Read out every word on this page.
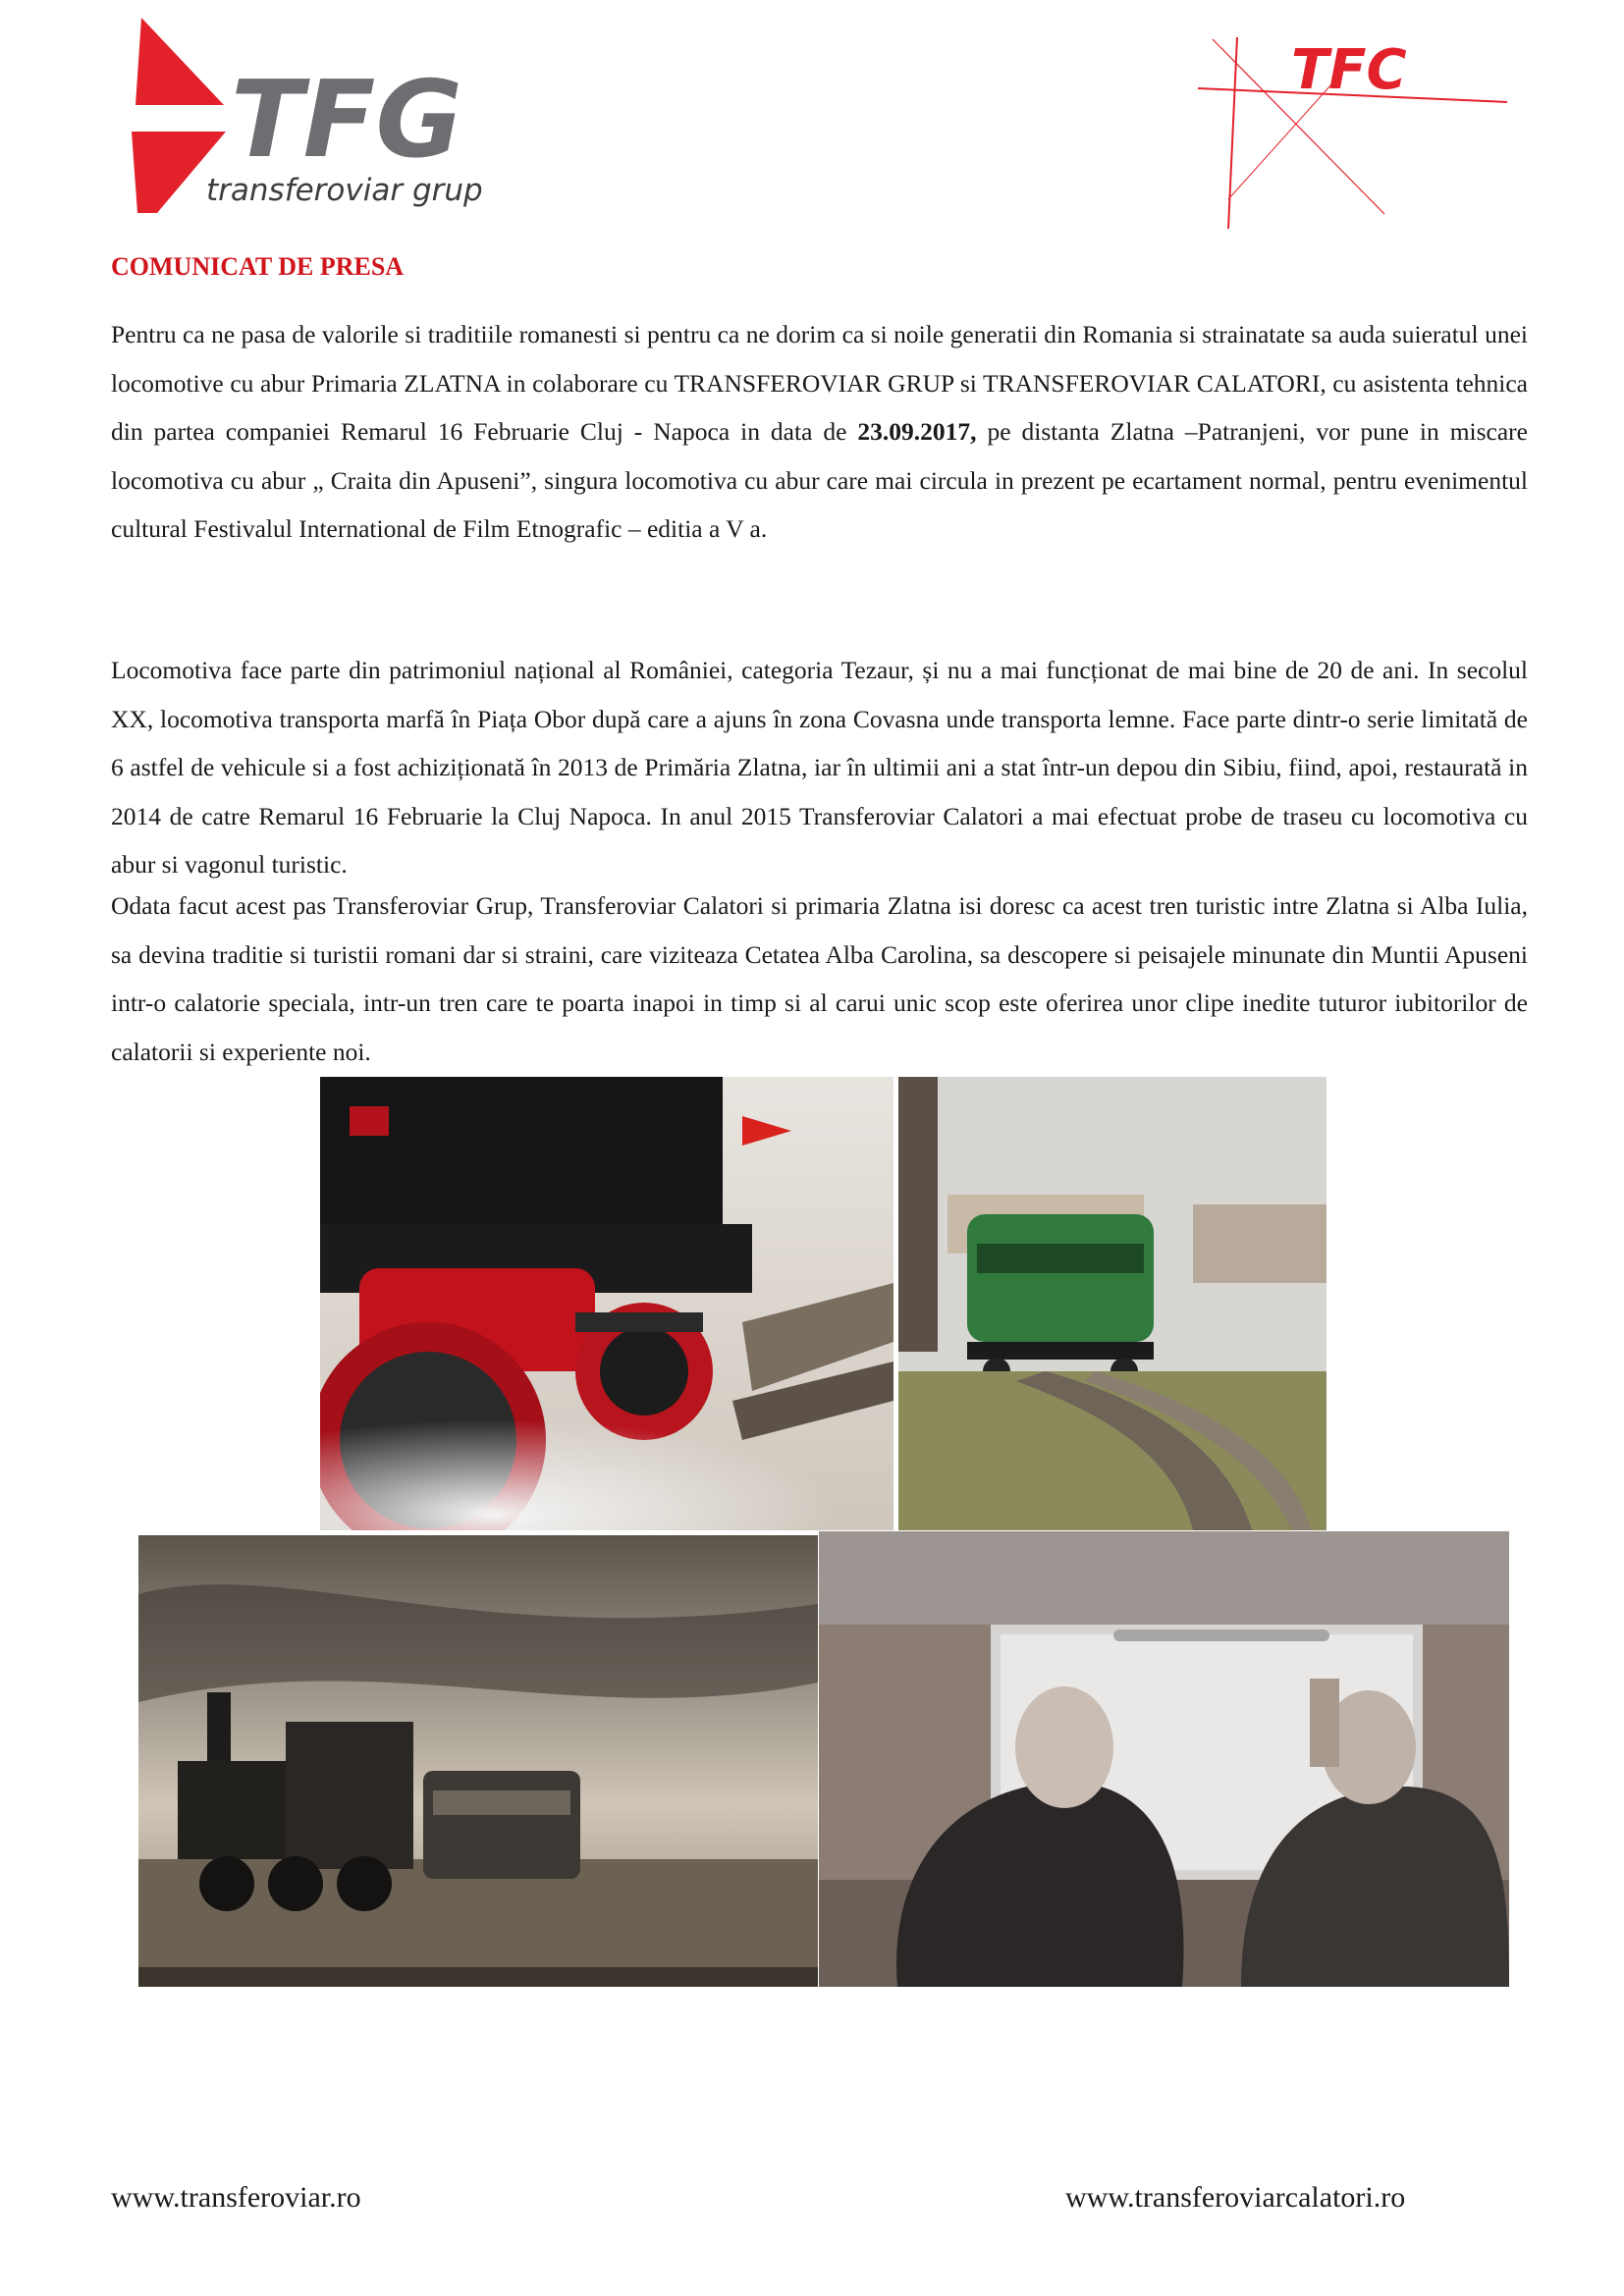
TFG
transferoviar grup
TFC
COMUNICAT DE PRESA

Pentru ca ne pasa de valorile si traditiile romanesti si pentru ca ne dorim ca si noile generatii din Romania si strainatate sa auda suieratul unei locomotive cu abur Primaria ZLATNA in colaborare cu TRANSFEROVIAR GRUP si TRANSFEROVIAR CALATORI, cu asistenta tehnica din partea companiei Remarul 16 Februarie Cluj - Napoca in data de 23.09.2017, pe distanta Zlatna –Patranjeni, vor pune in miscare locomotiva cu abur „ Craita din Apuseni”, singura locomotiva cu abur care mai circula in prezent pe ecartament normal, pentru evenimentul cultural Festivalul International de Film Etnografic – editia a V a.

Locomotiva face parte din patrimoniul național al României, categoria Tezaur, și nu a mai funcționat de mai bine de 20 de ani. In secolul XX, locomotiva transporta marfă în Piața Obor după care a ajuns în zona Covasna unde transporta lemne. Face parte dintr-o serie limitată de 6 astfel de vehicule si a fost achiziționată în 2013 de Primăria Zlatna, iar în ultimii ani a stat într-un depou din Sibiu, fiind, apoi, restaurată in 2014 de catre Remarul 16 Februarie la Cluj Napoca. In anul 2015 Transferoviar Calatori a mai efectuat probe de traseu cu locomotiva cu abur si vagonul turistic.

Odata facut acest pas Transferoviar Grup, Transferoviar Calatori si primaria Zlatna isi doresc ca acest tren turistic intre Zlatna si Alba Iulia, sa devina traditie si turistii romani dar si straini, care viziteaza Cetatea Alba Carolina, sa descopere si peisajele minunate din Muntii Apuseni intr-o calatorie speciala, intr-un tren care te poarta inapoi in timp si al carui unic scop este oferirea unor clipe inedite tuturor iubitorilor de calatorii si experiente noi.

www.transferoviar.ro	www.transferoviarcalatori.ro
